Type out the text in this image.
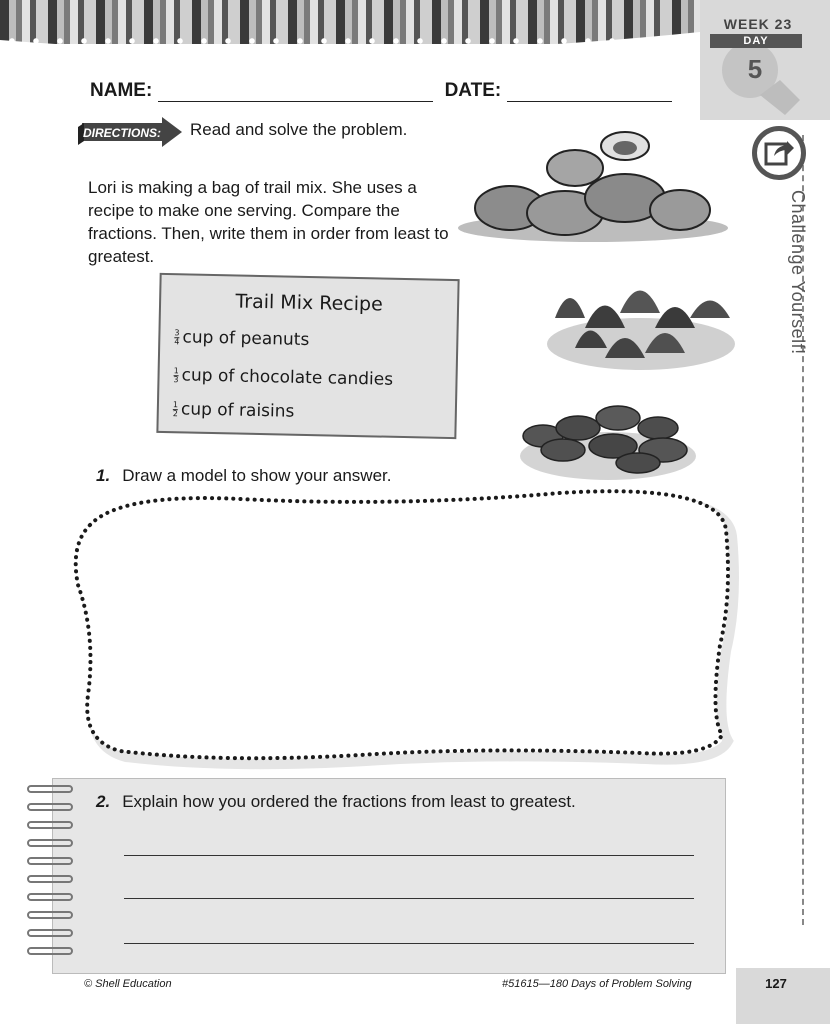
WEEK 23
DAY
5
Challenge Yourself!
NAME:	DATE:
DIRECTIONS: Read and solve the problem.
Lori is making a bag of trail mix. She uses a recipe to make one serving. Compare the fractions. Then, write them in order from least to greatest.
Trail Mix Recipe
$\frac{3}{4}$ cup of peanuts
$\frac{1}{3}$ cup of chocolate candies
$\frac{1}{2}$ cup of raisins
1. Draw a model to show your answer.
2. Explain how you ordered the fractions from least to greatest.
© Shell Education	#51615—180 Days of Problem Solving	127
